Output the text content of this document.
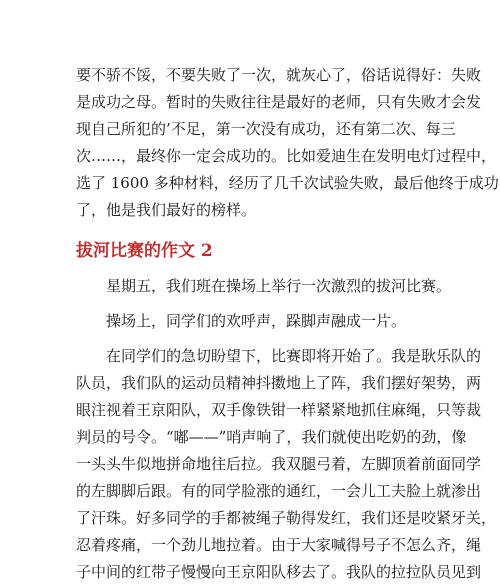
要不骄不馁，不要失败了一次，就灰心了，俗话说得好：失败
是成功之母。暂时的失败往往是最好的老师，只有失败才会发
现自己所犯的’不足，第一次没有成功，还有第二次、每三
次……，最终你一定会成功的。比如爱迪生在发明电灯过程中，
选了 1600 多种材料，经历了几千次试验失败，最后他终于成功
了，他是我们最好的榜样。
拔河比赛的作文 2
星期五，我们班在操场上举行一次激烈的拔河比赛。
操场上，同学们的欢呼声，跺脚声融成一片。
在同学们的急切盼望下，比赛即将开始了。我是耿乐队的
队员，我们队的运动员精神抖擞地上了阵，我们摆好架势，两
眼注视着王京阳队，双手像铁钳一样紧紧地抓住麻绳，只等裁
判员的号令。“嘟——”哨声响了，我们就使出吃奶的劲，像
一头头牛似地拼命地往后拉。我双腿弓着，左脚顶着前面同学
的左脚脚后跟。有的同学脸涨的通红，一会儿工夫脸上就渗出
了汗珠。好多同学的手都被绳子勒得发红，我们还是咬紧牙关，
忍着疼痛，一个劲儿地拉着。由于大家喊得号子不怎么齐，绳
子中间的红带子慢慢向王京阳队移去了。我队的拉拉队员见到
